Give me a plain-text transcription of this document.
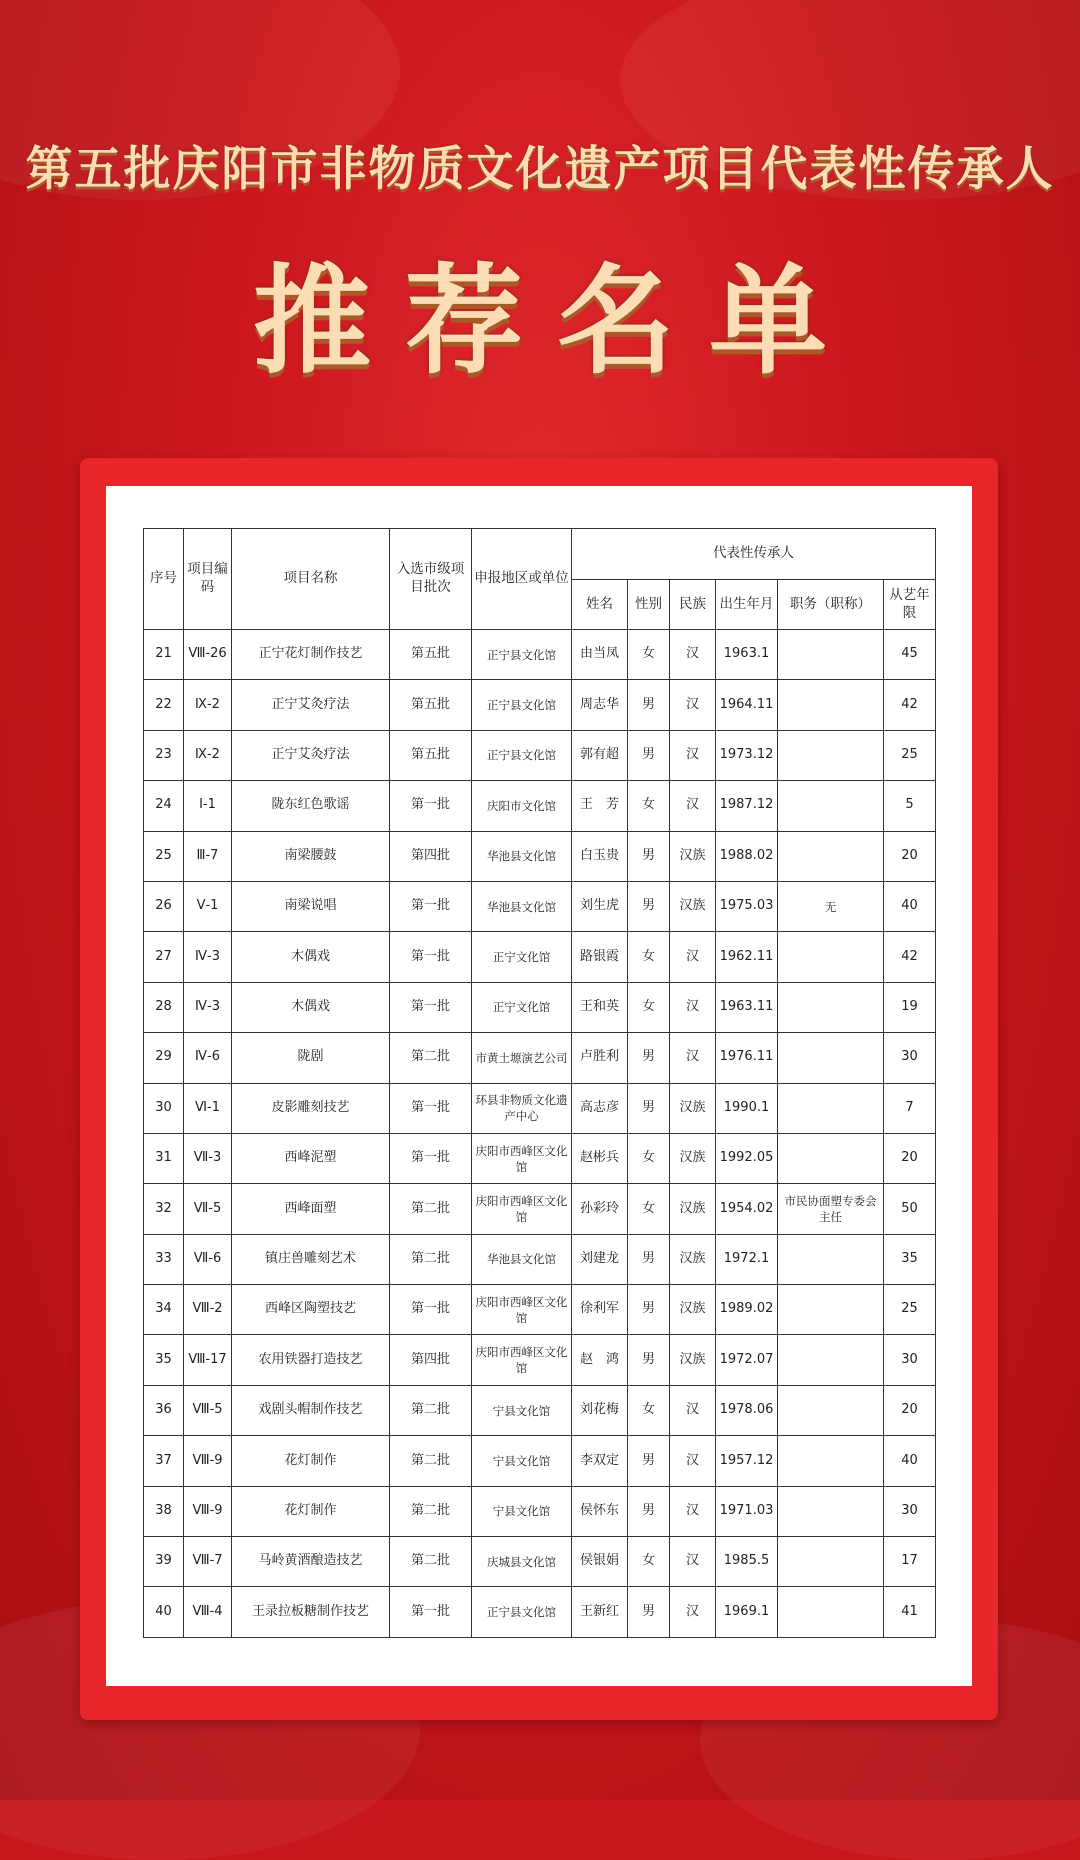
第五批庆阳市非物质文化遗产项目代表性传承人
推荐名单
序号	项目编码	项目名称	入选市级项目批次	申报地区或单位	代表性传承人					
					姓名	性别	民族	出生年月	职务（职称）	从艺年限
21	Ⅷ-26	正宁花灯制作技艺	第五批	正宁县文化馆	由当凤	女	汉	1963.1		45
22	Ⅸ-2	正宁艾灸疗法	第五批	正宁县文化馆	周志华	男	汉	1964.11		42
23	Ⅸ-2	正宁艾灸疗法	第五批	正宁县文化馆	郭有超	男	汉	1973.12		25
24	Ⅰ-1	陇东红色歌谣	第一批	庆阳市文化馆	王　芳	女	汉	1987.12		5
25	Ⅲ-7	南梁腰鼓	第四批	华池县文化馆	白玉贵	男	汉族	1988.02		20
26	Ⅴ-1	南梁说唱	第一批	华池县文化馆	刘生虎	男	汉族	1975.03	无	40
27	Ⅳ-3	木偶戏	第一批	正宁文化馆	路银霞	女	汉	1962.11		42
28	Ⅳ-3	木偶戏	第一批	正宁文化馆	王和英	女	汉	1963.11		19
29	Ⅳ-6	陇剧	第二批	市黄土塬演艺公司	卢胜利	男	汉	1976.11		30
30	Ⅵ-1	皮影雕刻技艺	第一批	环县非物质文化遗产中心	高志彦	男	汉族	1990.1		7
31	Ⅶ-3	西峰泥塑	第一批	庆阳市西峰区文化馆	赵彬兵	女	汉族	1992.05		20
32	Ⅶ-5	西峰面塑	第二批	庆阳市西峰区文化馆	孙彩玲	女	汉族	1954.02	市民协面塑专委会主任	50
33	Ⅶ-6	镇庄兽雕刻艺术	第二批	华池县文化馆	刘建龙	男	汉族	1972.1		35
34	Ⅷ-2	西峰区陶塑技艺	第一批	庆阳市西峰区文化馆	徐利军	男	汉族	1989.02		25
35	Ⅷ-17	农用铁器打造技艺	第四批	庆阳市西峰区文化馆	赵　鸿	男	汉族	1972.07		30
36	Ⅷ-5	戏剧头帽制作技艺	第二批	宁县文化馆	刘花梅	女	汉	1978.06		20
37	Ⅷ-9	花灯制作	第二批	宁县文化馆	李双定	男	汉	1957.12		40
38	Ⅷ-9	花灯制作	第二批	宁县文化馆	侯怀东	男	汉	1971.03		30
39	Ⅷ-7	马岭黄酒酿造技艺	第二批	庆城县文化馆	侯银娟	女	汉	1985.5		17
40	Ⅷ-4	王录拉板糖制作技艺	第一批	正宁县文化馆	王新红	男	汉	1969.1		41
